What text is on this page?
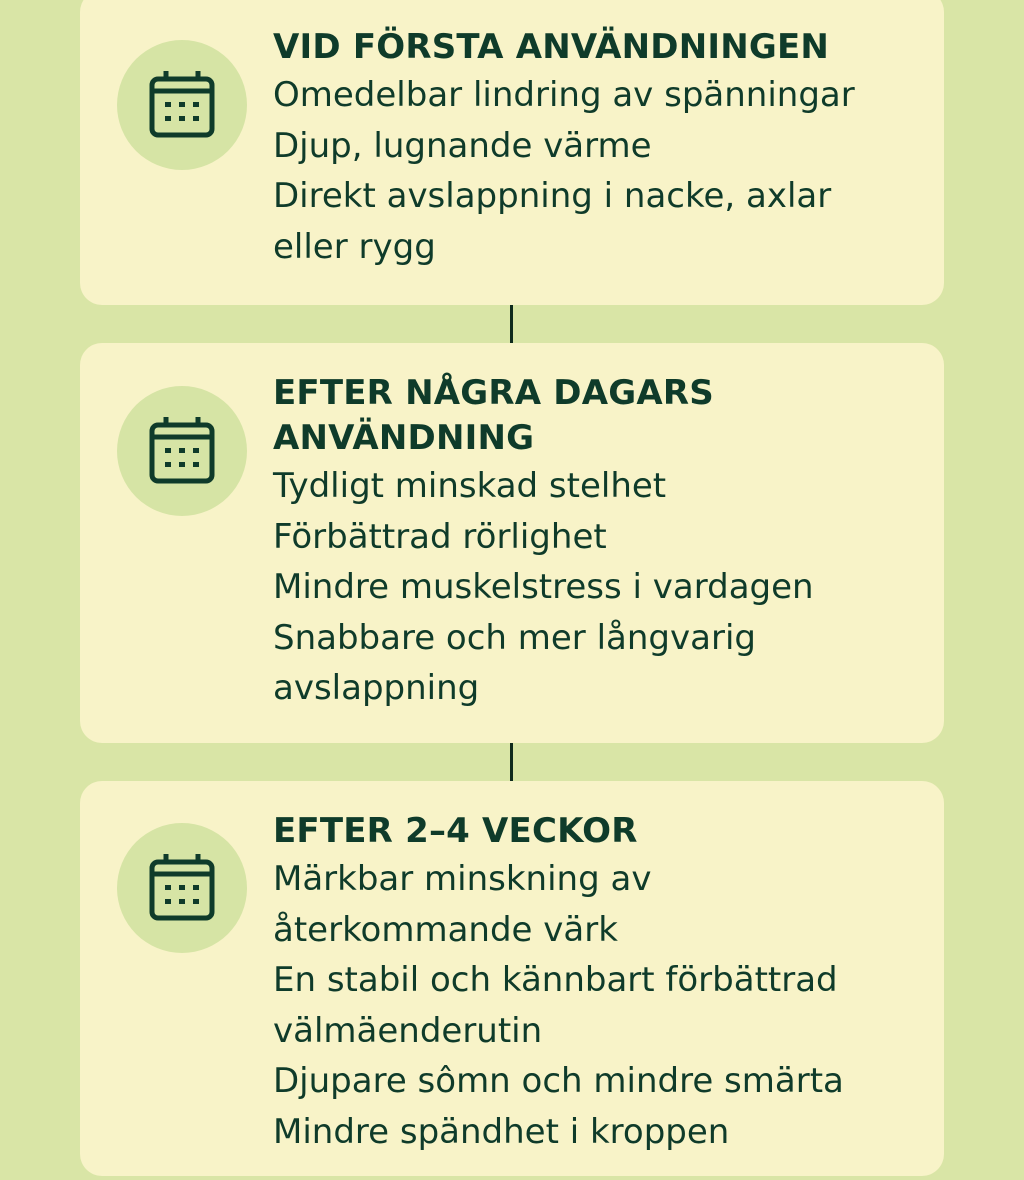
VID FÖRSTA ANVÄNDNINGEN
Omedelbar lindring av spänningar
Djup, lugnande värme
Direkt avslappning i nacke, axlar
eller rygg
EFTER NÅGRA DAGARS
ANVÄNDNING
Tydligt minskad stelhet
Förbättrad rörlighet
Mindre muskelstress i vardagen
Snabbare och mer långvarig
avslappning
EFTER 2–4 VECKOR
Märkbar minskning av
återkommande värk
En stabil och kännbart förbättrad
välmäenderutin
Djupare sômn och mindre smärta
Mindre spändhet i kroppen
